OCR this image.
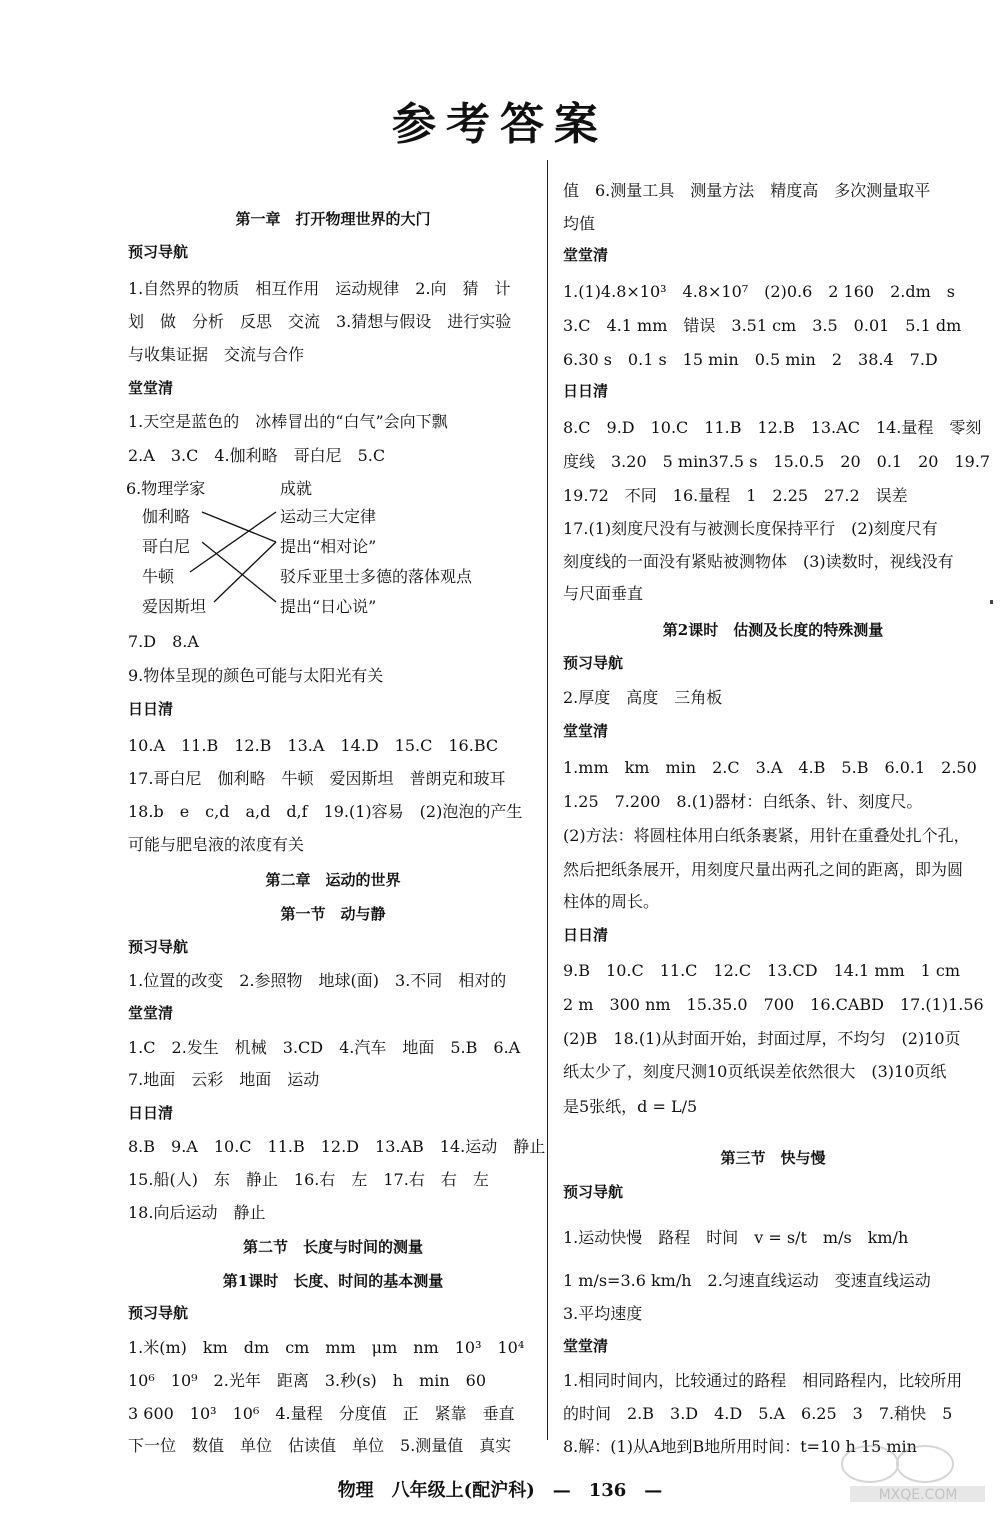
参考答案
第一章　打开物理世界的大门
预习导航
1.自然界的物质　相互作用　运动规律　2.向　猜　计
划　做　分析　反思　交流　3.猜想与假设　进行实验
与收集证据　交流与合作
堂堂清
1.天空是蓝色的　冰棒冒出的“白气”会向下飘
2.A　3.C　4.伽利略　哥白尼　5.C
7.D　8.A
9.物体呈现的颜色可能与太阳光有关
日日清
10.A　11.B　12.B　13.A　14.D　15.C　16.BC
17.哥白尼　伽利略　牛顿　爱因斯坦　普朗克和玻耳
18.b　e　c,d　a,d　d,f　19.(1)容易　(2)泡泡的产生
可能与肥皂液的浓度有关
第二章　运动的世界
第一节　动与静
预习导航
1.位置的改变　2.参照物　地球(面)　3.不同　相对的
堂堂清
1.C　2.发生　机械　3.CD　4.汽车　地面　5.B　6.A
7.地面　云彩　地面　运动
日日清
8.B　9.A　10.C　11.B　12.D　13.AB　14.运动　静止
15.船(人)　东　静止　16.右　左　17.右　右　左
18.向后运动　静止
第二节　长度与时间的测量
第1课时　长度、时间的基本测量
预习导航
1.米(m)　km　dm　cm　mm　μm　nm　10³　10⁴
10⁶　10⁹　2.光年　距离　3.秒(s)　h　min　60
3 600　10³　10⁶　4.量程　分度值　正　紧靠　垂直
下一位　数值　单位　估读值　单位　5.测量值　真实
值　6.测量工具　测量方法　精度高　多次测量取平
均值
堂堂清
1.(1)4.8×10³　4.8×10⁷　(2)0.6　2 160　2.dm　s
3.C　4.1 mm　错误　3.51 cm　3.5　0.01　5.1 dm
6.30 s　0.1 s　15 min　0.5 min　2　38.4　7.D
日日清
8.C　9.D　10.C　11.B　12.B　13.AC　14.量程　零刻
度线　3.20　5 min37.5 s　15.0.5　20　0.1　20　19.7
19.72　不同　16.量程　1　2.25　27.2　误差
17.(1)刻度尺没有与被测长度保持平行　(2)刻度尺有
刻度线的一面没有紧贴被测物体　(3)读数时，视线没有
与尺面垂直
第2课时　估测及长度的特殊测量
预习导航
2.厚度　高度　三角板
堂堂清
1.mm　km　min　2.C　3.A　4.B　5.B　6.0.1　2.50
1.25　7.200　8.(1)器材：白纸条、针、刻度尺。
(2)方法：将圆柱体用白纸条裹紧，用针在重叠处扎个孔，
然后把纸条展开，用刻度尺量出两孔之间的距离，即为圆
柱体的周长。
日日清
9.B　10.C　11.C　12.C　13.CD　14.1 mm　1 cm
2 m　300 nm　15.35.0　700　16.CABD　17.(1)1.56
(2)B　18.(1)从封面开始，封面过厚，不均匀　(2)10页
纸太少了，刻度尺测10页纸误差依然很大　(3)10页纸
是5张纸，d = L/5
第三节　快与慢
预习导航
1.运动快慢　路程　时间　v = s/t　m/s　km/h
1 m/s=3.6 km/h　2.匀速直线运动　变速直线运动
3.平均速度
堂堂清
1.相同时间内，比较通过的路程　相同路程内，比较所用
的时间　2.B　3.D　4.D　5.A　6.25　3　7.稍快　5
8.解：(1)从A地到B地所用时间：t=10 h 15 min
6.物理学家	成就
伽利略
哥白尼
牛顿
爱因斯坦
运动三大定律
提出“相对论”
驳斥亚里士多德的落体观点
提出“日心说”
物理　八年级上(配沪科)　—　136　—	MXQE.COM
